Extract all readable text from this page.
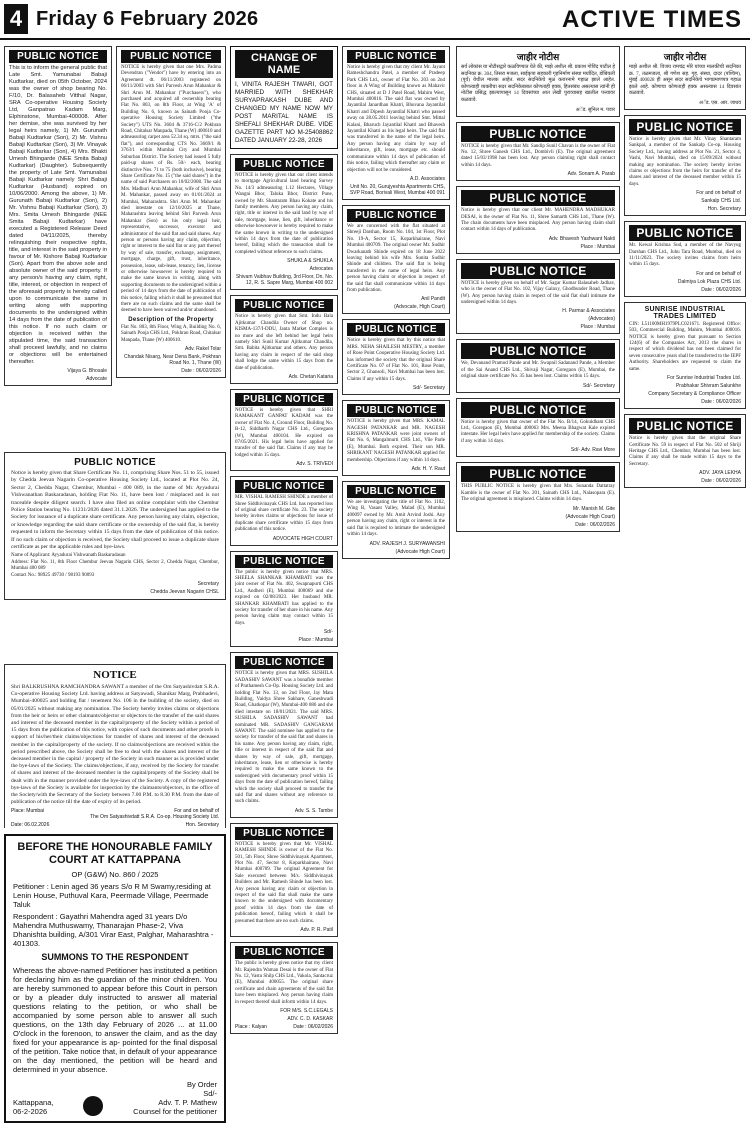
4 Friday 6 February 2026	ACTIVE TIMES
PUBLIC NOTICE
This is to inform the general public that Late Smt. Yamunabai Babaji Kudtarkar, died on 05th October, 2024 was the owner of shop bearing No. F/10, Dr. Balasaheb Vitthal Nagar, SRA Co-operative Housing Society Ltd, Ganpatrao Kadam Marg, Elphinstone, Mumbai-400008. After her demise, she was survived by her legal heirs namely, 1) Mr. Gurunath Babaji Kudtarkar (Son), 2) Mr. Vishnu Babaji Kudtarkar (Son), 3) Mr. Vinayak Babaji Kudtarkar (Son), 4) Mrs. Bhakti Umesh Bhingarde (NEE Smita Babaji Kudtarkar) (Daughter). Subsequently the property of Late Smt. Yamunabai Babaji Kudtarkar namely Shri Babaji Kudtarkar (Husband) expired on 10/06/2000. Among the above, 1) Mr. Gurunath Babaji Kudtarkar (Son), 2) Mr. Vishnu Babaji Kudtarkar (Son), 3) Mrs. Smita Umesh Bhingarde (NEE Smita Babaji Kudtarkar) have executed a Registered Release Deed dated 04/11/2025, thereby relinquishing their respective rights, title, and interest in the said property in favour of Mr. Kishore Babaji Kudtarkar (Son). Apart from the above sole and absolute owner of the said property. If any person/s having any claim, right, title, interest, or objection in respect of the aforesaid property is hereby called upon to communicate the same in writing along with supporting documents to the undersigned within 14 days from the date of publication of this notice. If no such claim or objection is received within the stipulated time, the said transaction shall proceed lawfully, and no claims or objections will be entertained thereafter.
Vijaya G. Bhosale
Advocate
PUBLIC NOTICE
NOTICE is hereby given that one Mrs. Padma Devendran ("Vendor") have by entering into an Agreement dt. 06/11/2003 registered on 06/11/2003 with Shri Parvesh Arun Mahankar & Shri Arun M. Mahankar ("Purchasers"), who purchased and acquired all ownership bearing Flat No. 803, on 8th Floor, at Wing 'A' of Building No. 6, known as Sainath Pooja Co-operative Housing Society Limited ("the Society") UTS No. 3604 & 3716-C/2 Pokhran Road, Chitalsar Manpada, Thane (W) 400610 and admeasuring carpet area 52.34 sq. mtrs. ("the said flat"), and corresponding CTS No. 3669/1 & 3763/1 within Mumbai City and Mumbai Suburban District. The Society had issued 5 fully paid-up shares of Rs. 50/- each, bearing distinctive Nos. 71 to 75 (both inclusive), bearing Share Certificate No. 15 ("the said shares") in the name of said Purchasers on 10/02/2008. The said Mrs. Madhuri Arun Mahankar, wife of Shri Arun M. Mahankar, passed away on 01/01/2024 at Mumbai, Maharashtra. Shri Arun M. Mahankar died intestate on 12/10/2025 at Thane, Maharashtra leaving behind Shri Parvesh Arun Mahankar (Son) as his only legal heir, representative, successor, executor and administrator of the said flat and said shares. Any person or persons having any claim, objection, right or interest to the said flat or any part thereof by way of sale, transfer, exchange, assignment, mortgage, charge, gift, trust, inheritance, possession, lease, sub-lease, tenancy, lien, license or otherwise howsoever is hereby required to make the same known in writing, along with supporting documents to the undersigned within a period of 14 days from the date of publication of this notice, failing which it shall be presumed that there are no such claims and the same shall be deemed to have been waived and/or abandoned.
Description of the Property
Flat No. 803, 8th Floor, Wing A, Building No. 6, Sainath Pooja CHS Ltd., Pokhran Road, Chitalsar Manpada, Thane (W) 400610.
Adv. Rakel Tolar
Chandak Nisarg, Near Dena Bank, Pokhran Road No. 1, Thane (W)
Date : 06/02/2026
PUBLIC NOTICE
Notice is hereby given that Share Certificate No. 11, comprising Share Nos. 51 to 55, issued by Chedda Jeevan Nagarin Co-operative Housing Society Ltd., located at Plot No. 24, Sector 2, Chedda Nagar, Chembur, Mumbai - 400 089, in the name of Mr. Ayyadurai Vishwanathan Baskaradasan, holding Flat No. 11, have been lost / misplaced and is not traceable despite diligent search. I have also filed an online complaint with the Chembur Police Station bearing No. 11231/2026 dated 31.1.2026. The undersigned has applied to the Society for issuance of a duplicate share certificate. Any person having any claim, objection, or knowledge regarding the said share certificate or the ownership of the said flat, is hereby requested to inform the Secretary within 15 days from the date of publication of this notice. If no such claim or objection is received, the Society shall proceed to issue a duplicate share certificate as per the applicable rules and bye-laws.
Name of Applicant: Ayyadurai Vishwanath Baskaradasan
Address: Flat No. 11, 8th Floor Chembur Jeevan Nagarin CHS, Sector 2, Chedda Nagar, Chembur, Mumbai 400 089
Contact No.: 98925 49730 / 98193 90093
Secretary
Chedda Jeevan Nagarin CHSL
NOTICE
Shri BALKRUSHNA RAMCHANDRA SAWANT a member of the Om Satyashivdatt S.R.A. Co-operative Housing Society Ltd. having address at Satyawadi, Shanikar Marg, Prabhadevi, Mumbai-400025 and holding flat / tenement No. 106 in the building of the society, died on 05/01/2025 without making any nomination. The Society hereby invites claims or objections from the heir or heirs or other claimants/objector or objectors to the transfer of the said shares and interest of the deceased member in the capital/property of the Society within a period of 15 days from the publication of this notice, with copies of such documents and other proofs in support of his/her/their claims/objections for transfer of shares and interest of the deceased member in the capital/property of the society. If no claims/objections are received within the period prescribed above, the Society shall be free to deal with the shares and interest of the deceased member in the capital / property of the Society in such manner as is provided under the bye-laws of the Society. The claims/objections, if any, received by the Society for transfer of shares and interest of the deceased member in the capital/property of the Society shall be dealt with in the manner provided under the bye-laws of the Society. A copy of the registered bye-laws of the Society is available for inspection by the claimants/objectors, in the office of the Society/with the Secretary of the Society between 7.00 P.M. to 8.30 P.M. from the date of publication of the notice till the date of expiry of its period.
Place: Mumbai	For and on behalf of
The Om Satyashivdatt S.R.A. Co-op. Housing Society Ltd.
Date: 06.02.2026	Hon. Secretary
BEFORE THE HONOURABLE FAMILY COURT AT KATTAPPANA
OP (G&W) No. 860 / 2025
Petitioner : Lenin aged 36 years S/o R M Swamy,residing at Lenin House, Puthuval Kara, Peermade Village, Peermade Taluk
Respondent : Gayathri Mahendra aged 31 years D/o Mahendra Muthuswamy, Thanarajan Phase-2, Viva Dhanishta building, A/301 Virar East, Palghar, Maharashtra - 401303.
SUMMONS TO THE RESPONDENT
Whereas the above-named Petitioner has instituted a petition for declaring him as the guardian of the minor children. You are hereby summoned to appear before this Court in person or by a pleader duly instructed to answer all material questions relating to the petition, or who shall be accompanied by some person able to answer all such questions, on the 13th day February of 2026 ... at 11.00 O'clock in the forenoon, to answer the claim, and as the day fixed for your appearance is ap- pointed for the final disposal of the petition. Take notice that, in default of your appearance on the day mentioned, the petition will be heard and determined in your absence.
Kattappana,
06-2-2026
By Order
Sd/-
Adv. T. P. Mathew
Counsel for the petitioner
CHANGE OF NAME
I, VINITA RAJESH TIWARI, GOT MARRIED WITH SHEKHAR SURYAPRAKASH DUBE AND CHANGED MY NAME NOW MY POST MARITAL NAME IS SHEFALI SHEKHAR DUBE. VIDE GAZETTE PART NO M-25408862 DATED JANUARY 22-28, 2026
PUBLIC NOTICE
NOTICE is hereby given that our client intends to mortgage Agricultural land bearing Survey No. 14/3 admeasuring 1.12 Hectares, Village Wangni Bhor, Taluka Bhor, District Pune, owned by Mr. Shantaram Bhau Kokate and his family members. Any person having any claim, right, title or interest in the said land by way of sale, mortgage, lease, lien, gift, inheritance or otherwise howsoever is hereby required to make the same known in writing to the undersigned within 14 days from the date of publication hereof, failing which the transaction shall be completed without reference to such claims.
SHUKLA & SHUKLA
Advocates
Shivam Vaibhav Building, 3rd Floor, Dn. No. 12, R. S. Sapre Marg, Mumbai 400 002
PUBLIC NOTICE
Notice is hereby given that Smt. Indu Bala Ajitkumar Chandila Owner of Shop no. KISMA-137/I-DDU, Janta Market Complex is no more and she left behind her legal heirs namely Shri Sunil Kumar Ajitkumar Chandila, Smt. Babita Ajitkumar and others. Any person having any claim in respect of the said shop shall lodge the same within 15 days from the date of publication.
Adv. Chetan Kataria
PUBLIC NOTICE
NOTICE is hereby given that SHRI RAMAKANT GANPAT KADAM was the owner of Flat No. 4, Ground Floor, Building No. B-12, Siddharth Nagar CHS Ltd., Goregaon (W), Mumbai 400104. He expired on 07/05/2021. His legal heirs have applied for transfer of the said flat. Claims if any may be lodged within 15 days.
Adv. S. TRIVEDI
PUBLIC NOTICE
MR. VISHAL RAMESH SHINDE a member of Shree Siddhivinayak CHS Ltd. has reported loss of original share certificate No. 23. The society hereby invites claims or objections for issue of duplicate share certificate within 15 days from publication of this notice.
ADVOCATE HIGH COURT
PUBLIC NOTICE
The public is hereby given notice that MRS. SHEELA SHANKAR KHAMBATI was the joint owner of Flat No. 402, Swapnapurti CHS Ltd., Andheri (E), Mumbai 400069 and she expired on 02/08/2023. Her husband MR. SHANKAR KHAMBATI has applied to the society for transfer of her share in his name. Any person having claim may contact within 15 days.
Sd/-
Place : Mumbai
PUBLIC NOTICE
NOTICE is hereby given that MRS. SUSHILA SADASHIV SAWANT was a bonafide member of Prathamesh Co-Op. Housing Society Ltd. and holding Flat No. 13, on 2nd Floor, Jay Mata Building, Vaidya Shree Sakhare, Ganeshwadi Road, Ghatkopar (W), Mumbai-400 086 and she died intestate on 18/01/2021. The said MRS. SUSHILA SADASHIV SAWANT had nominated MR. SADASHIV GANGARAM SAWANT. The said nominee has applied to the society for transfer of the said flat and shares in his name. Any person having any claim, right, title or interest in respect of the said flat and shares by way of sale, gift, mortgage, inheritance, lease, lien or otherwise is hereby required to make the same known to the undersigned with documentary proof within 15 days from the date of publication hereof, failing which the society shall proceed to transfer the said flat and shares without any reference to such claims.
Adv. S. S. Tambe
PUBLIC NOTICE
NOTICE is hereby given that Mr. VISHAL RAMESH SHINDE is owner of the Flat No. 501, 5th Floor, Shree Siddhivinayak Apartment, Plot No. 47, Sector 8, Koparkhairane, Navi Mumbai 400709. The original Agreement for Sale executed between M/s. Siddhivinayak Builders and Mr. Ramesh Shinde has been lost. Any person having any claim or objection in respect of the said flat shall make the same known to the undersigned with documentary proof within 14 days from the date of publication hereof, failing which it shall be presumed that there are no such claims.
Adv. P. R. Patil
PUBLIC NOTICE
The public is hereby given notice that my client Mr. Rajendra Waman Desai is the owner of Flat No. 12, Vastu Shilp CHS Ltd., Vakola, Santacruz (E), Mumbai 400055. The original share certificate and chain agreements of the said flat have been misplaced. Any person having claim in respect thereof shall inform within 14 days.
FOR M/S. S.C.LEGALS
ADV. C. D. KASKAR
Place : Kalyan	Date : 06/02/2026
PUBLIC NOTICE
Notice is hereby given that my client Mr. Jayant Rameshchandra Patel, a member of Pradeep Park CHS Ltd., owner of Flat No. 203 on 2nd floor in A Wing of Building known as Mahavir CHS, situated at D J Patel Road, Mahim West, Mumbai 400016. The said flat was owned by Jayantilal Janardhan Khatri, Bhuvana Jayantilal Khatri and Dipesh Jayantilal Khatri who passed away on 28.05.2011 leaving behind Smt. Mittal Kalani, Bharuch Jayantilal Khatri and Bhavesh Jayantilal Khatri as his legal heirs. The said flat was transferred in the name of the legal heirs. Any person having any claim by way of inheritance, gift, lease, mortgage etc. should communicate within 14 days of publication of this notice, failing which thereafter any claim or objection will not be considered.
A.D. Associates
Unit No. 20, Gurujyeshta Apartments CHS, SVP Road, Borivali West, Mumbai 400 091
PUBLIC NOTICE
We are concerned with the flat situated at Shreeji Darshan, Room No. 104, 1st Floor, Plot No. 19-A, Sector 15, Koparkhairane, Navi Mumbai 400709. The original owner Mr. Sudhir Dwarkanath Shinde expired on 18 June 2022 leaving behind his wife Mrs. Sunita Sudhir Shinde and children. The said flat is being transferred in the name of legal heirs. Any person having claim or objection in respect of the said flat shall communicate within 14 days from publication.
Anil Pandit
(Advocate, High Court)
PUBLIC NOTICE
Notice is hereby given that by this notice that MRS. NEHA SHAILESH MESTRY, a member of Rose Point Cooperative Housing Society Ltd. has informed the society that the original Share Certificate No. 07 of Flat No. 101, Rose Point, Sector 2, Ghansoli, Navi Mumbai has been lost. Claims if any within 15 days.
Sd/- Secretary
PUBLIC NOTICE
NOTICE is hereby given that MRS. KAMAL NAGESH PATANKAR and MR. NAGESH KRISHNA PATANKAR were joint owners of Flat No. 6, Mangalmurti CHS Ltd., Vile Parle (E), Mumbai. Both expired. Their son MR. SHRIKANT NAGESH PATANKAR applied for membership. Objections if any within 14 days.
Adv. H. Y. Raut
PUBLIC NOTICE
We are investigating the title of Flat No. 1102, Wing B, Vasant Valley, Malad (E), Mumbai 400097 owned by Mr. Amit Arvind Joshi. Any person having any claim, right or interest in the said flat is required to intimate the undersigned within 14 days.
ADV. RAJESH J. SURYAWANSHI
(Advocate High Court)
जाहीर नोटीस
सर्व लोकांस या नोटीसद्वारे कळविण्यात येते की, माझे अशील श्री. प्रकाश गोविंद पाटील हे सदनिका क्र. 304, तिसरा मजला, साईकृपा सहकारी गृहनिर्माण संस्था मर्यादित, डोंबिवली (पूर्व) येथील मालक आहेत. सदर सदनिकेचे मूळ करारनामे गहाळ झाले आहेत. कोणत्याही व्यक्तीचा सदर सदनिकेबाबत कोणताही हक्क, हितसंबंध असल्यास त्यांनी ही नोटीस प्रसिद्ध झाल्यापासून 14 दिवसांच्या आत लेखी पुराव्यासह खालील पत्त्यावर कळवावे.
अॅड. सुनिल म. पवार
PUBLIC NOTICE
NOTICE is hereby given that Mr. Sandip Sunil Chavan is the owner of Flat No. 12, Shree Ganesh CHS Ltd., Dombivli (E). The original agreement dated 15/03/1998 has been lost. Any person claiming right shall contact within 14 days.
Adv. Sonam A. Parab
PUBLIC NOTICE
Notice is hereby given that our client Mr. MAHENDRA MADHUKAR DESAI, is the owner of Flat No. 11, Shree Samarth CHS Ltd., Thane (W). The chain documents have been misplaced. Any person having claim shall contact within 14 days of publication.
Adv. Bhavesh Yashwant Nakti
Place : Mumbai
PUBLIC NOTICE
NOTICE is hereby given on behalf of Mr. Sagar Kumar Balasaheb Jadhav, who is the owner of Flat No. 102, Vijay Galaxy, Ghodbunder Road, Thane (W). Any person having claim in respect of the said flat shall intimate the undersigned within 14 days.
H. Parmar & Associates
(Advocates)
Place : Mumbai
PUBLIC NOTICE
We, Devanand Pramod Pande and Mr. Swapnil Sadanand Pande, a Member of the Sai Anand CHS Ltd., Shivaji Nagar, Goregaon (E), Mumbai, the original share certificate No. 35 has been lost. Claims within 15 days.
Sd/- Secretary
PUBLIC NOTICE
Notice is hereby given that owner of the Flat No. B/14, Gokuldham CHS Ltd., Goregaon (E), Mumbai 400063 Mrs. Meena Bhagwat Kale expired intestate. Her legal heirs have applied for membership of the society. Claims if any within 14 days.
Sd/- Adv. Ravi More
PUBLIC NOTICE
THIS PUBLIC NOTICE is hereby given that Mrs. Sunanda Dattatray Kamble is the owner of Flat No. 201, Sainath CHS Ltd., Nalasopara (E). The original agreement is misplaced. Claims within 14 days.
Mr. Manish M. Gite
(Advocate High Court)
Date : 06/02/2026
जाहीर नोटीस
माझे अशील श्री. विजय रामचंद्र मोरे यांच्या मालकीची सदनिका क्र. 7, तळमजला, श्री गणेश सह. गृह. संस्था, दादर (पश्चिम), मुंबई 400028 ही असून सदर सदनिकेचे भागप्रमाणपत्र गहाळ झाले आहे. कोणाचा कोणताही हक्क असल्यास 14 दिवसांत कळवावे.
अॅड. एस. आर. जाधव
PUBLIC NOTICE
Notice is hereby given that Mr. Vinay Shantaram Sankpal, a member of the Sankalp Co-op. Housing Society Ltd., having address at Plot No. 21, Sector 4, Vashi, Navi Mumbai, died on 15/09/2024 without making any nomination. The society hereby invites claims or objections from the heirs for transfer of the shares and interest of the deceased member within 15 days.
For and on behalf of
Sankalp CHS Ltd.
Hon. Secretary
PUBLIC NOTICE
Mr. Kewal Krishna Sud, a member of the Navyug Darshan CHS Ltd., Juhu Tara Road, Mumbai, died on 11/11/2023. The society invites claims from heirs within 15 days.
For and on behalf of
Dalmiya Lok Plaza CHS Ltd.
Date : 06/02/2026
SUNRISE INDUSTRIAL TRADES LIMITED
CIN: L51100MH1979PLC021671. Registered Office: 503, Commercial Building, Mahim, Mumbai 400016. NOTICE is hereby given that pursuant to Section 124(6) of the Companies Act, 2013 the shares in respect of which dividend has not been claimed for seven consecutive years shall be transferred to the IEPF Authority. Shareholders are requested to claim the same.
For Sunrise Industrial Trades Ltd.
Prabhakar Shivram Salunkhe
Company Secretary & Compliance Officer
Date : 06/02/2026
PUBLIC NOTICE
Notice is hereby given that the original Share Certificate No. 59 in respect of Flat No. 502 of Shriji Heritage CHS Ltd., Chembur, Mumbai has been lost. Claims if any shall be made within 15 days to the Secretary.
ADV. JAYA LEKHA
Date : 06/02/2026
